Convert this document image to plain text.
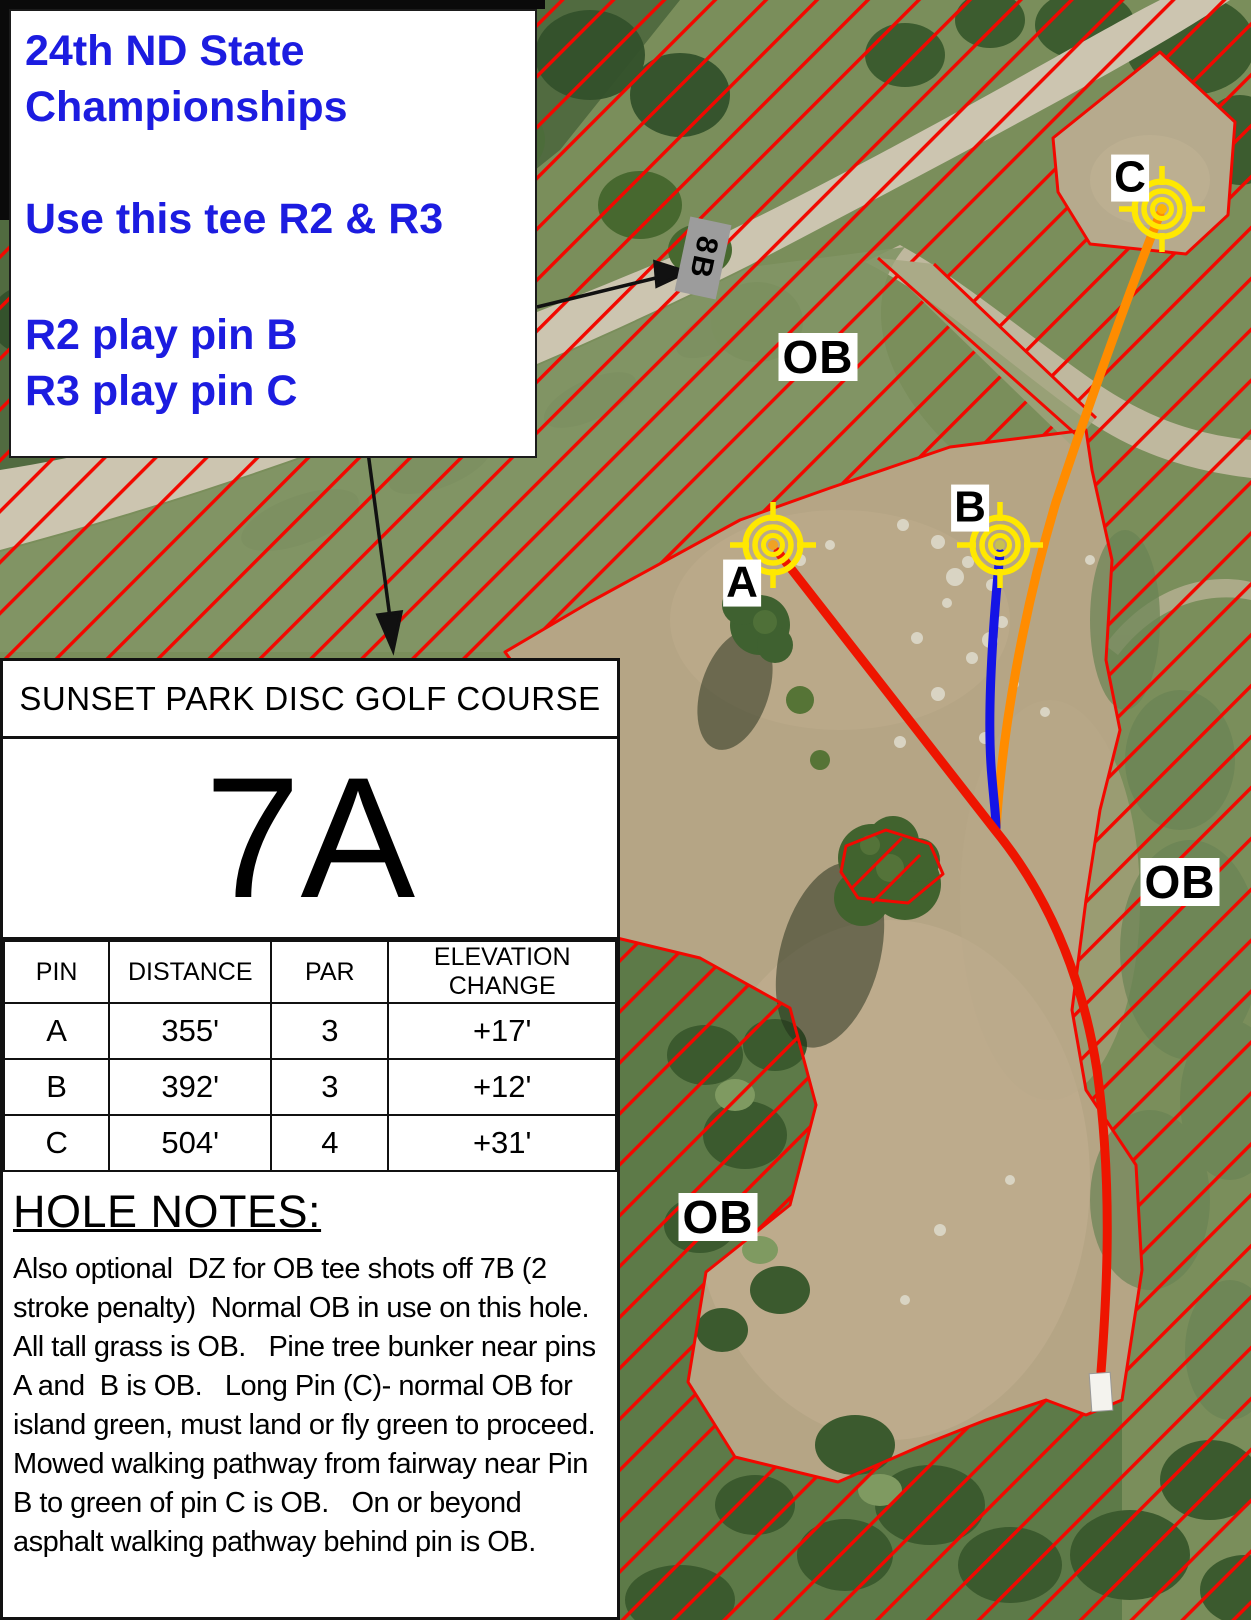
A
B
C
OB
OB
OB
8B
24th ND State
Championships
Use this tee R2 & R3
R2 play pin B
R3 play pin C
SUNSET PARK DISC GOLF COURSE
7A
PIN	DISTANCE	PAR	ELEVATION CHANGE
A	355'	3	+17'
B	392'	3	+12'
C	504'	4	+31'
HOLE NOTES:
Also optional  DZ for OB tee shots off 7B (2 stroke penalty)  Normal OB in use on this hole.   All tall grass is OB.   Pine tree bunker near pins A and  B is OB.   Long Pin (C)- normal OB for island green, must land or fly green to proceed.  Mowed walking pathway from fairway near Pin B to green of pin C is OB.   On or beyond asphalt walking pathway behind pin is OB.
